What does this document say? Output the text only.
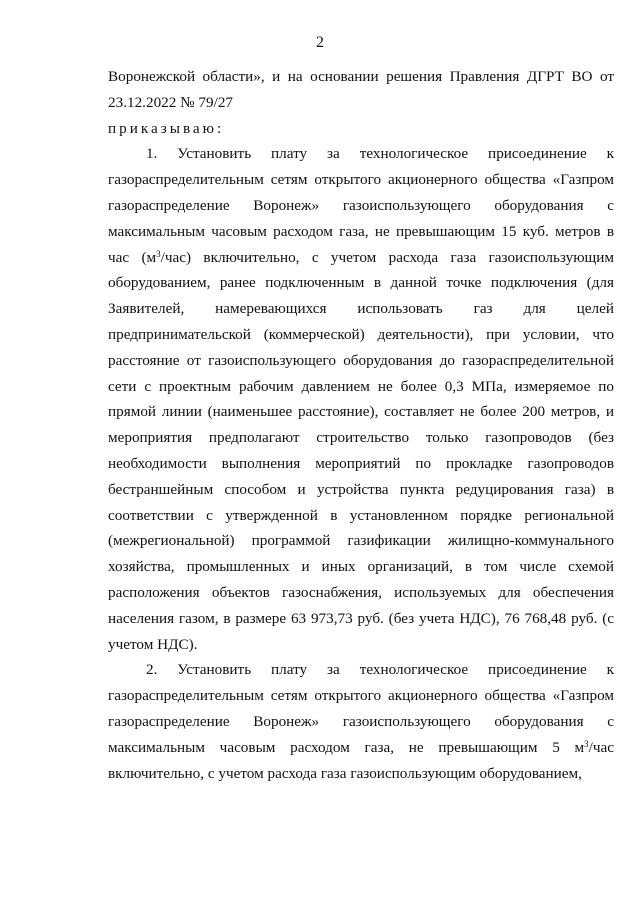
2

Воронежской области», и на основании решения Правления ДГРТ ВО от 23.12.2022 № 79/27

приказываю:

1. Установить плату за технологическое присоединение к газораспределительным сетям открытого акционерного общества «Газпром газораспределение Воронеж» газоиспользующего оборудования с максимальным часовым расходом газа, не превышающим 15 куб. метров в час $(м^3/час)$ включительно, с учетом расхода газа газоиспользующим оборудованием, ранее подключенным в данной точке подключения (для Заявителей, намеревающихся использовать газ для целей предпринимательской (коммерческой) деятельности), при условии, что расстояние от газоиспользующего оборудования до газораспределительной сети с проектным рабочим давлением не более 0,3 МПа, измеряемое по прямой линии (наименьшее расстояние), составляет не более 200 метров, и мероприятия предполагают строительство только газопроводов (без необходимости выполнения мероприятий по прокладке газопроводов бестраншейным способом и устройства пункта редуцирования газа) в соответствии с утвержденной в установленном порядке региональной (межрегиональной) программой газификации жилищно-коммунального хозяйства, промышленных и иных организаций, в том числе схемой расположения объектов газоснабжения, используемых для обеспечения населения газом, в размере 63 973,73 руб. (без учета НДС), 76 768,48 руб. (с учетом НДС).

2. Установить плату за технологическое присоединение к газораспределительным сетям открытого акционерного общества «Газпром газораспределение Воронеж» газоиспользующего оборудования с максимальным часовым расходом газа, не превышающим 5 $м^3$/час включительно, с учетом расхода газа газоиспользующим оборудованием,
